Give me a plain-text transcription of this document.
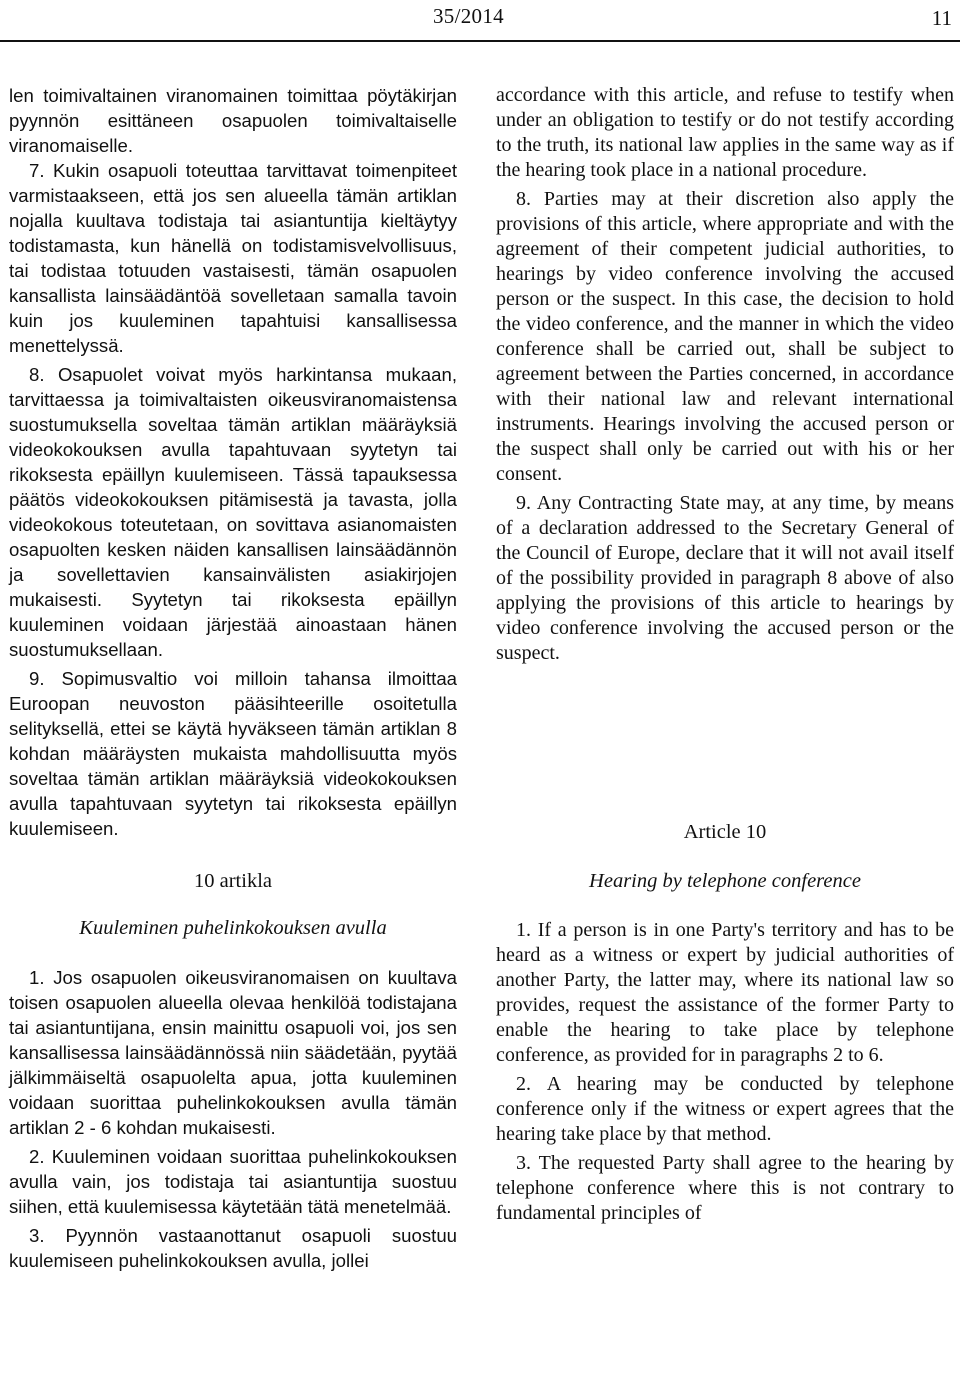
35/2014	11

len toimivaltainen viranomainen toimittaa pöytäkirjan pyynnön esittäneen osapuolen toimivaltaiselle viranomaiselle.

7. Kukin osapuoli toteuttaa tarvittavat toimenpiteet varmistaakseen, että jos sen alueella tämän artiklan nojalla kuultava todistaja tai asiantuntija kieltäytyy todistamasta, kun hänellä on todistamisvelvollisuus, tai todistaa totuuden vastaisesti, tämän osapuolen kansallista lainsäädäntöä sovelletaan samalla tavoin kuin jos kuuleminen tapahtuisi kansallisessa menettelyssä.

8. Osapuolet voivat myös harkintansa mukaan, tarvittaessa ja toimivaltaisten oikeusviranomaistensa suostumuksella soveltaa tämän artiklan määräyksiä videokokouksen avulla tapahtuvaan syytetyn tai rikoksesta epäillyn kuulemiseen. Tässä tapauksessa päätös videokokouksen pitämisestä ja tavasta, jolla videokokous toteutetaan, on sovittava asianomaisten osapuolten kesken näiden kansallisen lainsäädännön ja sovellettavien kansainvälisten asiakirjojen mukaisesti. Syytetyn tai rikoksesta epäillyn kuuleminen voidaan järjestää ainoastaan hänen suostumuksellaan.

9. Sopimusvaltio voi milloin tahansa ilmoittaa Euroopan neuvoston pääsihteerille osoitetulla selityksellä, ettei se käytä hyväkseen tämän artiklan 8 kohdan määräysten mukaista mahdollisuutta myös soveltaa tämän artiklan määräyksiä videokokouksen avulla tapahtuvaan syytetyn tai rikoksesta epäillyn kuulemiseen.

10 artikla
Kuuleminen puhelinkokouksen avulla

1. Jos osapuolen oikeusviranomaisen on kuultava toisen osapuolen alueella olevaa henkilöä todistajana tai asiantuntijana, ensin mainittu osapuoli voi, jos sen kansallisessa lainsäädännössä niin säädetään, pyytää jälkimmäiseltä osapuolelta apua, jotta kuuleminen voidaan suorittaa puhelinkokouksen avulla tämän artiklan 2 - 6 kohdan mukaisesti.

2. Kuuleminen voidaan suorittaa puhelinkokouksen avulla vain, jos todistaja tai asiantuntija suostuu siihen, että kuulemisessa käytetään tätä menetelmää.

3. Pyynnön vastaanottanut osapuoli suostuu kuulemiseen puhelinkokouksen avulla, jollei

accordance with this article, and refuse to testify when under an obligation to testify or do not testify according to the truth, its national law applies in the same way as if the hearing took place in a national procedure.

8. Parties may at their discretion also apply the provisions of this article, where appropriate and with the agreement of their competent judicial authorities, to hearings by video conference involving the accused person or the suspect. In this case, the decision to hold the video conference, and the manner in which the video conference shall be carried out, shall be subject to agreement between the Parties concerned, in accordance with their national law and relevant international instruments. Hearings involving the accused person or the suspect shall only be carried out with his or her consent.

9. Any Contracting State may, at any time, by means of a declaration addressed to the Secretary General of the Council of Europe, declare that it will not avail itself of the possibility provided in paragraph 8 above of also applying the provisions of this article to hearings by video conference involving the accused person or the suspect.

Article 10
Hearing by telephone conference

1. If a person is in one Party's territory and has to be heard as a witness or expert by judicial authorities of another Party, the latter may, where its national law so provides, request the assistance of the former Party to enable the hearing to take place by telephone conference, as provided for in paragraphs 2 to 6.

2. A hearing may be conducted by telephone conference only if the witness or expert agrees that the hearing take place by that method.

3. The requested Party shall agree to the hearing by telephone conference where this is not contrary to fundamental principles of
